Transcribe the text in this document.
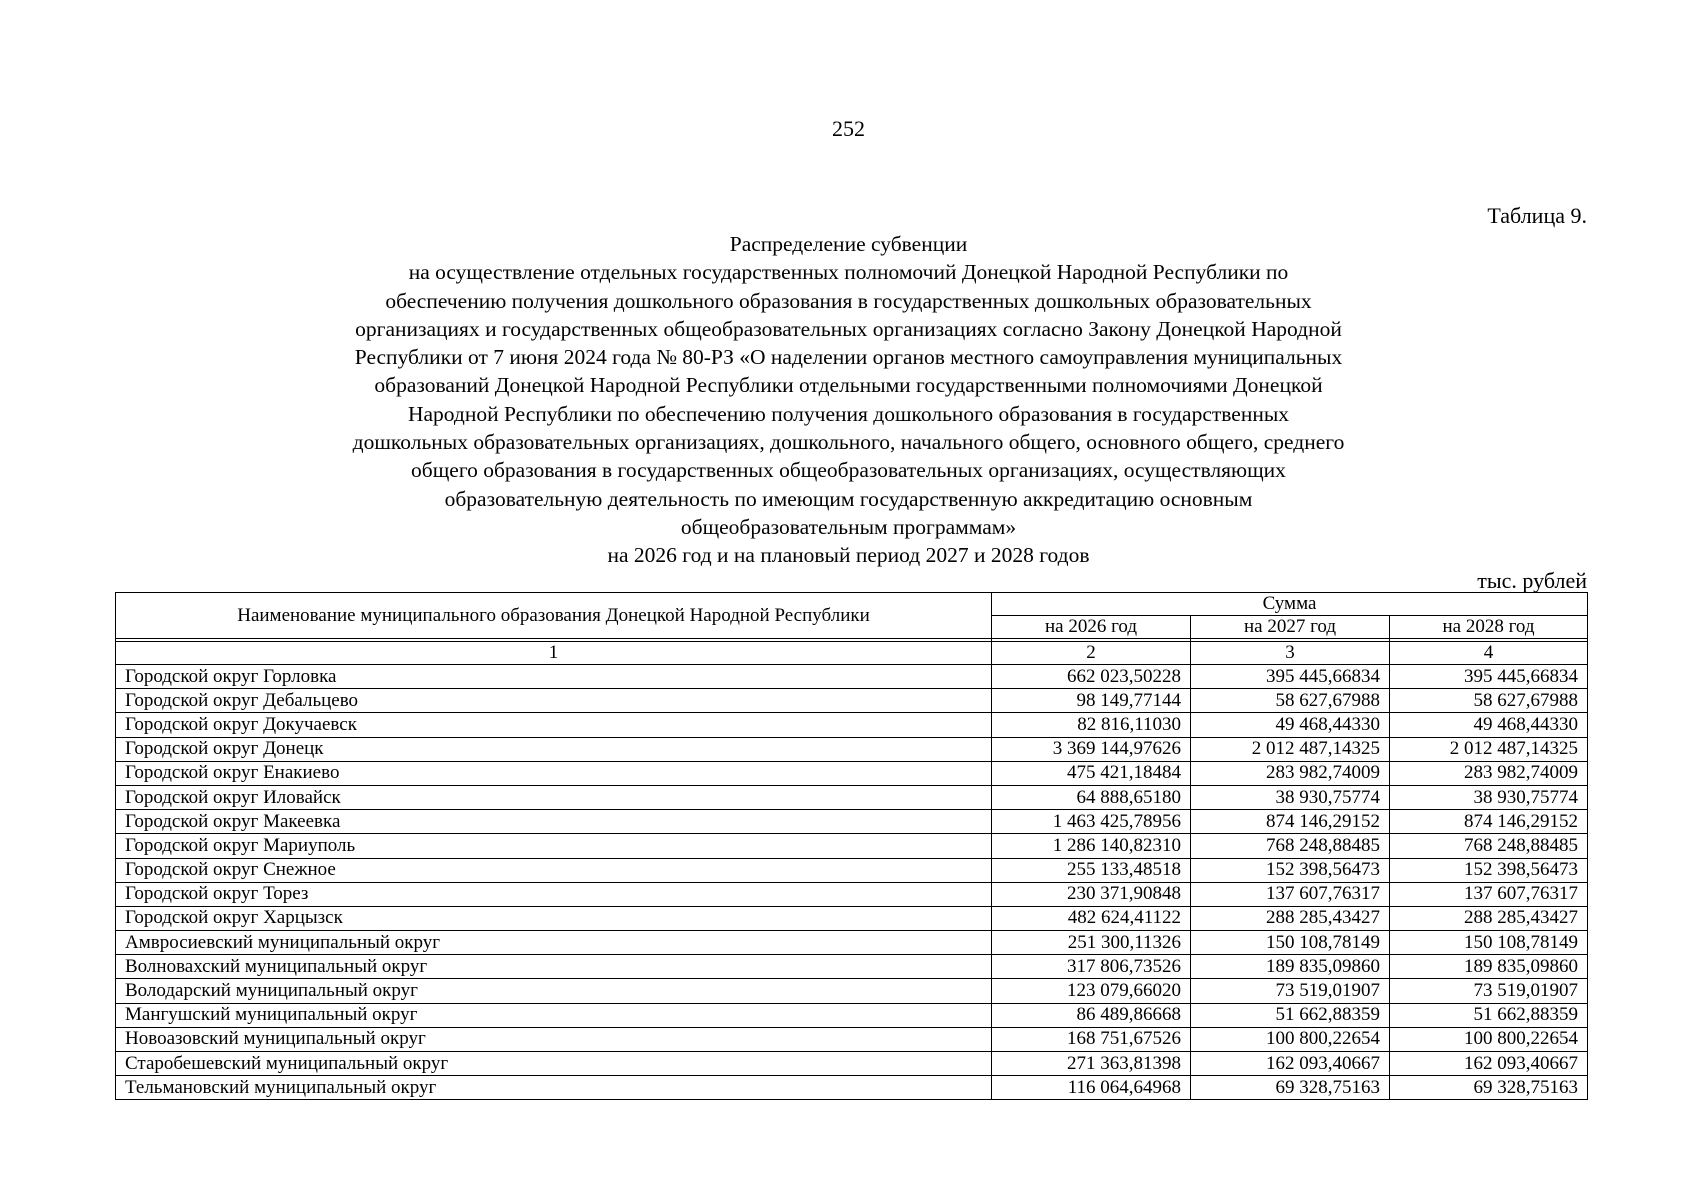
252
Таблица 9.
Распределение субвенции
на осуществление отдельных государственных полномочий Донецкой Народной Республики по
обеспечению получения дошкольного образования в государственных дошкольных образовательных
организациях и государственных общеобразовательных организациях согласно Закону Донецкой Народной
Республики от 7 июня 2024 года № 80-РЗ «О наделении органов местного самоуправления муниципальных
образований Донецкой Народной Республики отдельными государственными полномочиями Донецкой
Народной Республики по обеспечению получения дошкольного образования в государственных
дошкольных образовательных организациях, дошкольного, начального общего, основного общего, среднего
общего образования в государственных общеобразовательных организациях, осуществляющих
образовательную деятельность по имеющим государственную аккредитацию основным
общеобразовательным программам»
на 2026 год и на плановый период 2027 и 2028 годов
тыс. рублей
Наименование муниципального образования Донецкой Народной Республики	Сумма		
	на 2026 год	на 2027 год	на 2028 год

1	2	3	4
Городской округ Горловка	662 023,50228	395 445,66834	395 445,66834
Городской округ Дебальцево	98 149,77144	58 627,67988	58 627,67988
Городской округ Докучаевск	82 816,11030	49 468,44330	49 468,44330
Городской округ Донецк	3 369 144,97626	2 012 487,14325	2 012 487,14325
Городской округ Енакиево	475 421,18484	283 982,74009	283 982,74009
Городской округ Иловайск	64 888,65180	38 930,75774	38 930,75774
Городской округ Макеевка	1 463 425,78956	874 146,29152	874 146,29152
Городской округ Мариуполь	1 286 140,82310	768 248,88485	768 248,88485
Городской округ Снежное	255 133,48518	152 398,56473	152 398,56473
Городской округ Торез	230 371,90848	137 607,76317	137 607,76317
Городской округ Харцызск	482 624,41122	288 285,43427	288 285,43427
Амвросиевский муниципальный округ	251 300,11326	150 108,78149	150 108,78149
Волновахский муниципальный округ	317 806,73526	189 835,09860	189 835,09860
Володарский муниципальный округ	123 079,66020	73 519,01907	73 519,01907
Мангушский муниципальный округ	86 489,86668	51 662,88359	51 662,88359
Новоазовский муниципальный округ	168 751,67526	100 800,22654	100 800,22654
Старобешевский муниципальный округ	271 363,81398	162 093,40667	162 093,40667
Тельмановский муниципальный округ	116 064,64968	69 328,75163	69 328,75163
